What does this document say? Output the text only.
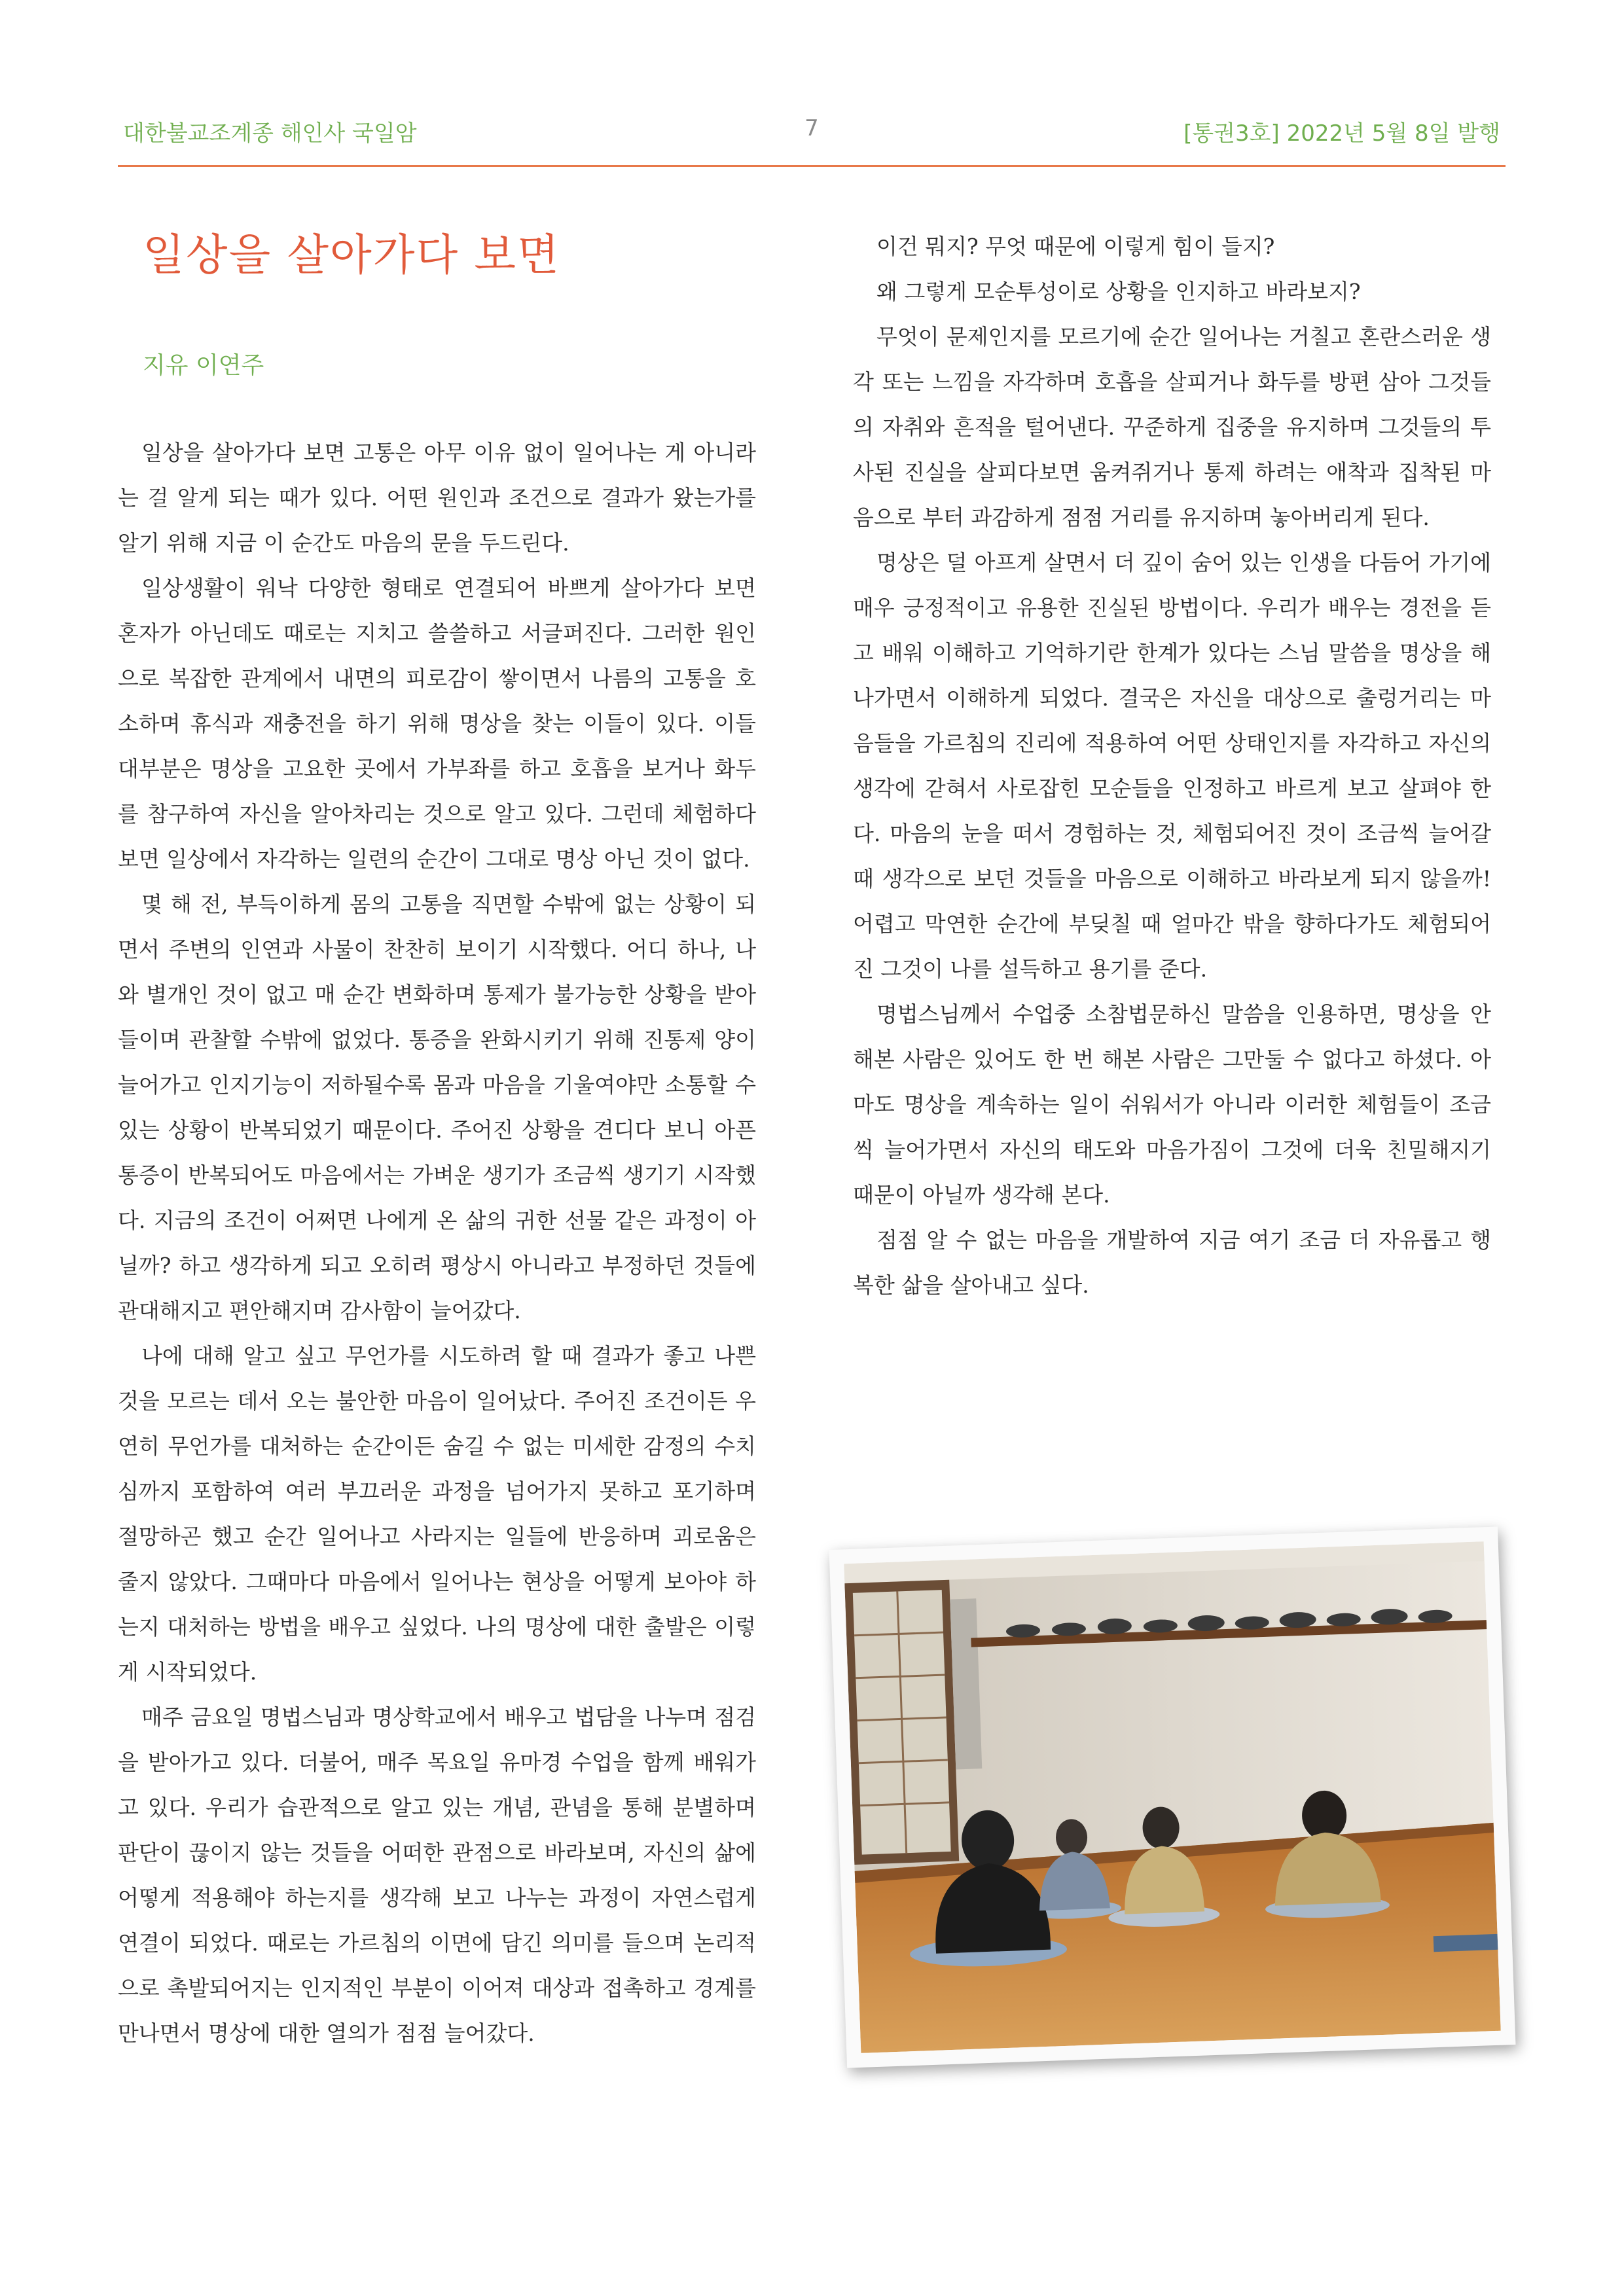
대한불교조계종 해인사 국일암	7	[통권3호] 2022년 5월 8일 발행
일상을 살아가다 보면
지유 이연주

일상을 살아가다 보면 고통은 아무 이유 없이 일어나는 게 아니라는 걸 알게 되는 때가 있다. 어떤 원인과 조건으로 결과가 왔는가를 알기 위해 지금 이 순간도 마음의 문을 두드린다.

일상생활이 워낙 다양한 형태로 연결되어 바쁘게 살아가다 보면 혼자가 아닌데도 때로는 지치고 쓸쓸하고 서글퍼진다. 그러한 원인으로 복잡한 관계에서 내면의 피로감이 쌓이면서 나름의 고통을 호소하며 휴식과 재충전을 하기 위해 명상을 찾는 이들이 있다. 이들 대부분은 명상을 고요한 곳에서 가부좌를 하고 호흡을 보거나 화두를 참구하여 자신을 알아차리는 것으로 알고 있다. 그런데 체험하다보면 일상에서 자각하는 일련의 순간이 그대로 명상 아닌 것이 없다.

몇 해 전, 부득이하게 몸의 고통을 직면할 수밖에 없는 상황이 되면서 주변의 인연과 사물이 찬찬히 보이기 시작했다. 어디 하나, 나와 별개인 것이 없고 매 순간 변화하며 통제가 불가능한 상황을 받아들이며 관찰할 수밖에 없었다. 통증을 완화시키기 위해 진통제 양이 늘어가고 인지기능이 저하될수록 몸과 마음을 기울여야만 소통할 수 있는 상황이 반복되었기 때문이다. 주어진 상황을 견디다 보니 아픈 통증이 반복되어도 마음에서는 가벼운 생기가 조금씩 생기기 시작했다. 지금의 조건이 어쩌면 나에게 온 삶의 귀한 선물 같은 과정이 아닐까? 하고 생각하게 되고 오히려 평상시 아니라고 부정하던 것들에 관대해지고 편안해지며 감사함이 늘어갔다.

나에 대해 알고 싶고 무언가를 시도하려 할 때 결과가 좋고 나쁜 것을 모르는 데서 오는 불안한 마음이 일어났다. 주어진 조건이든 우연히 무언가를 대처하는 순간이든 숨길 수 없는 미세한 감정의 수치심까지 포함하여 여러 부끄러운 과정을 넘어가지 못하고 포기하며 절망하곤 했고 순간 일어나고 사라지는 일들에 반응하며 괴로움은 줄지 않았다. 그때마다 마음에서 일어나는 현상을 어떻게 보아야 하는지 대처하는 방법을 배우고 싶었다. 나의 명상에 대한 출발은 이렇게 시작되었다.

매주 금요일 명법스님과 명상학교에서 배우고 법담을 나누며 점검을 받아가고 있다. 더불어, 매주 목요일 유마경 수업을 함께 배워가고 있다. 우리가 습관적으로 알고 있는 개념, 관념을 통해 분별하며 판단이 끊이지 않는 것들을 어떠한 관점으로 바라보며, 자신의 삶에 어떻게 적용해야 하는지를 생각해 보고 나누는 과정이 자연스럽게 연결이 되었다. 때로는 가르침의 이면에 담긴 의미를 들으며 논리적으로 촉발되어지는 인지적인 부분이 이어져 대상과 접촉하고 경계를 만나면서 명상에 대한 열의가 점점 늘어갔다.

이건 뭐지? 무엇 때문에 이렇게 힘이 들지?

왜 그렇게 모순투성이로 상황을 인지하고 바라보지?

무엇이 문제인지를 모르기에 순간 일어나는 거칠고 혼란스러운 생각 또는 느낌을 자각하며 호흡을 살피거나 화두를 방편 삼아 그것들의 자취와 흔적을 털어낸다. 꾸준하게 집중을 유지하며 그것들의 투사된 진실을 살피다보면 움켜쥐거나 통제 하려는 애착과 집착된 마음으로 부터 과감하게 점점 거리를 유지하며 놓아버리게 된다.

명상은 덜 아프게 살면서 더 깊이 숨어 있는 인생을 다듬어 가기에 매우 긍정적이고 유용한 진실된 방법이다. 우리가 배우는 경전을 듣고 배워 이해하고 기억하기란 한계가 있다는 스님 말씀을 명상을 해나가면서 이해하게 되었다. 결국은 자신을 대상으로 출렁거리는 마음들을 가르침의 진리에 적용하여 어떤 상태인지를 자각하고 자신의 생각에 갇혀서 사로잡힌 모순들을 인정하고 바르게 보고 살펴야 한다. 마음의 눈을 떠서 경험하는 것, 체험되어진 것이 조금씩 늘어갈 때 생각으로 보던 것들을 마음으로 이해하고 바라보게 되지 않을까! 어렵고 막연한 순간에 부딪칠 때 얼마간 밖을 향하다가도 체험되어진 그것이 나를 설득하고 용기를 준다.

명법스님께서 수업중 소참법문하신 말씀을 인용하면, 명상을 안 해본 사람은 있어도 한 번 해본 사람은 그만둘 수 없다고 하셨다. 아마도 명상을 계속하는 일이 쉬워서가 아니라 이러한 체험들이 조금씩 늘어가면서 자신의 태도와 마음가짐이 그것에 더욱 친밀해지기 때문이 아닐까 생각해 본다.

점점 알 수 없는 마음을 개발하여 지금 여기 조금 더 자유롭고 행복한 삶을 살아내고 싶다.
